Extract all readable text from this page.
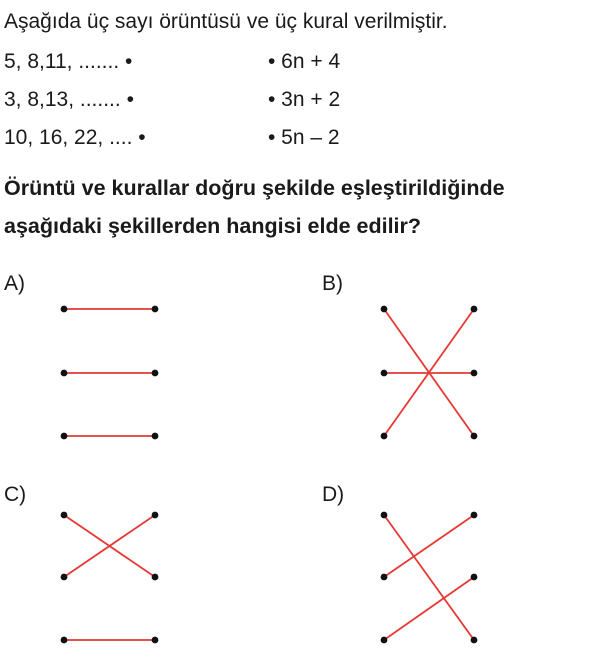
Aşağıda üç sayı örüntüsü ve üç kural verilmiştir.
5, 8,11, ....... •
3, 8,13, ....... •
10, 16, 22, .... •
• 6n + 4
• 3n + 2
• 5n – 2
Örüntü ve kurallar doğru şekilde eşleştirildiğinde
aşağıdaki şekillerden hangisi elde edilir?
A)	B)
C)	D)
